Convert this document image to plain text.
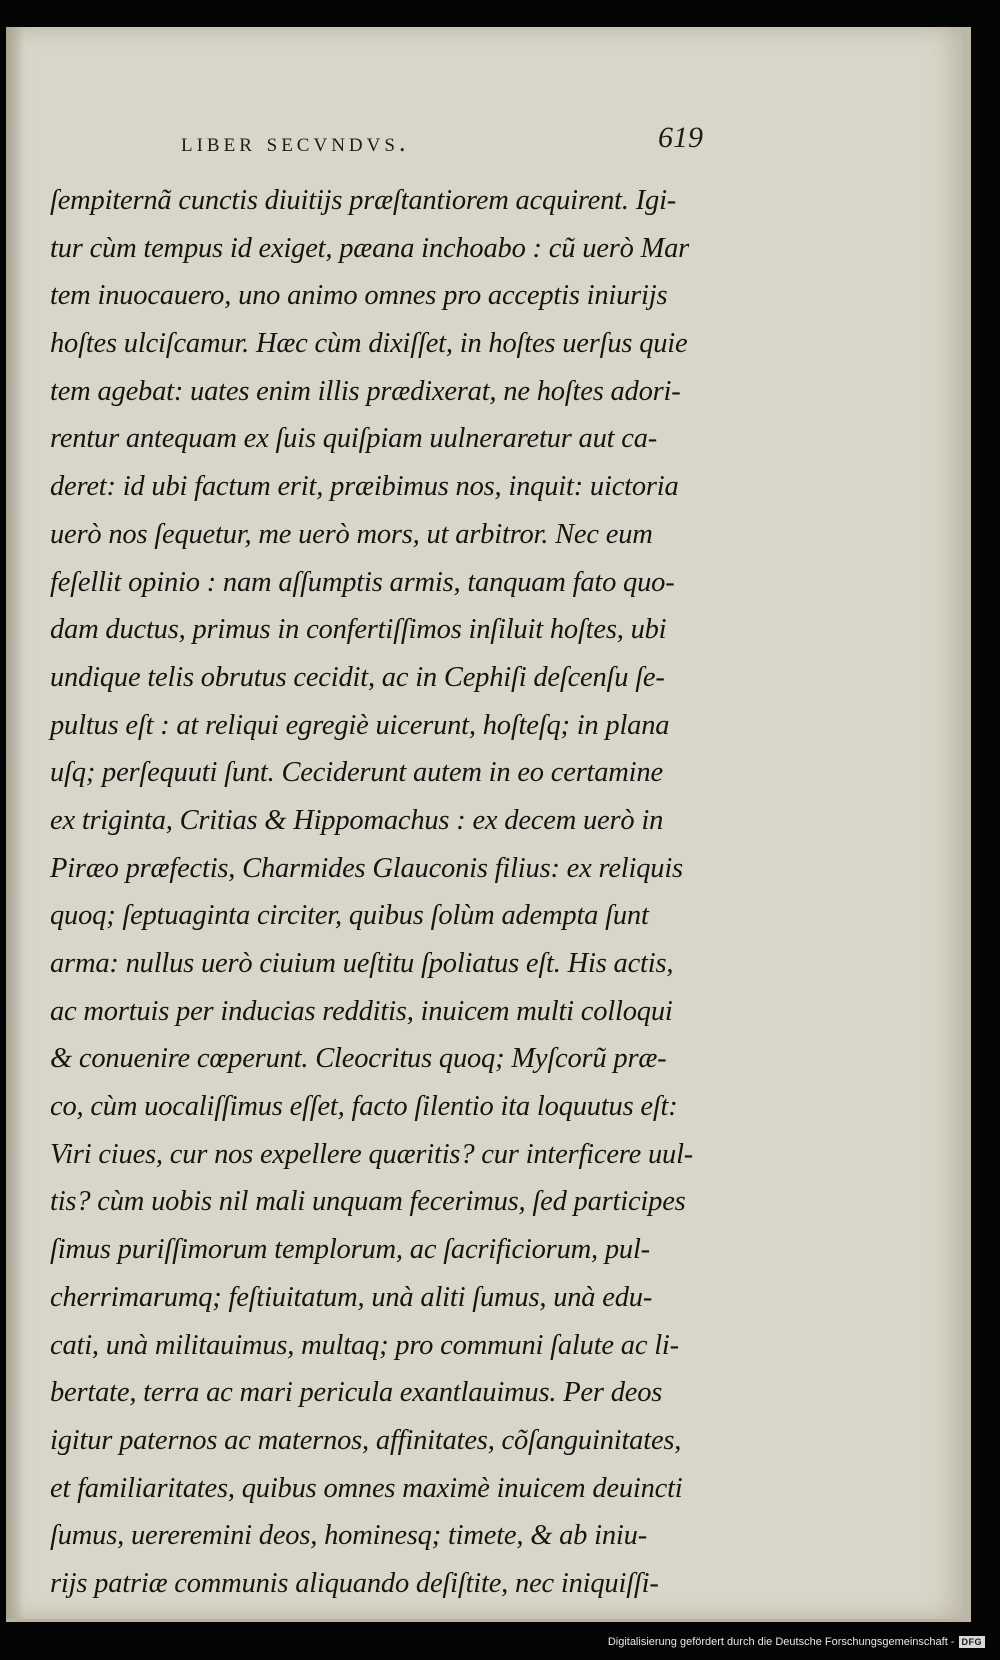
liber secvndvs.	619
ſempiternã cunctis diuitijs præſtantiorem acquirent. Igi-
tur cùm tempus id exiget, pæana inchoabo : cũ uerò Mar
tem inuocauero, uno animo omnes pro acceptis iniurijs
hoſtes ulciſcamur. Hæc cùm dixiſſet, in hoſtes uerſus quie
tem agebat: uates enim illis prædixerat, ne hoſtes adori-
rentur antequam ex ſuis quiſpiam uulneraretur aut ca-
deret: id ubi factum erit, præibimus nos, inquit: uictoria
uerò nos ſequetur, me uerò mors, ut arbitror. Nec eum
feſellit opinio : nam aſſumptis armis, tanquam fato quo-
dam ductus, primus in confertiſſimos inſiluit hoſtes, ubi
undique telis obrutus cecidit, ac in Cephiſi deſcenſu ſe-
pultus eſt : at reliqui egregiè uicerunt, hoſteſq; in plana
uſq; perſequuti ſunt. Ceciderunt autem in eo certamine
ex triginta, Critias & Hippomachus : ex decem uerò in
Piræo præfectis, Charmides Glauconis filius: ex reliquis
quoq; ſeptuaginta circiter, quibus ſolùm adempta ſunt
arma: nullus uerò ciuium ueſtitu ſpoliatus eſt. His actis,
ac mortuis per inducias redditis, inuicem multi colloqui
& conuenire cœperunt. Cleocritus quoq; Myſcorũ præ-
co, cùm uocaliſſimus eſſet, facto ſilentio ita loquutus eſt:
Viri ciues, cur nos expellere quæritis? cur interficere uul-
tis? cùm uobis nil mali unquam fecerimus, ſed participes
ſimus puriſſimorum templorum, ac ſacrificiorum, pul-
cherrimarumq; feſtiuitatum, unà aliti ſumus, unà edu-
cati, unà militauimus, multaq; pro communi ſalute ac li-
bertate, terra ac mari pericula exantlauimus. Per deos
igitur paternos ac maternos, affinitates, cõſanguinitates,
et familiaritates, quibus omnes maximè inuicem deuincti
ſumus, uereremini deos, hominesq; timete, & ab iniu-
rijs patriæ communis aliquando deſiſtite, nec iniquiſſi-
Digitalisierung gefördert durch die Deutsche Forschungsgemeinschaft - DFG
